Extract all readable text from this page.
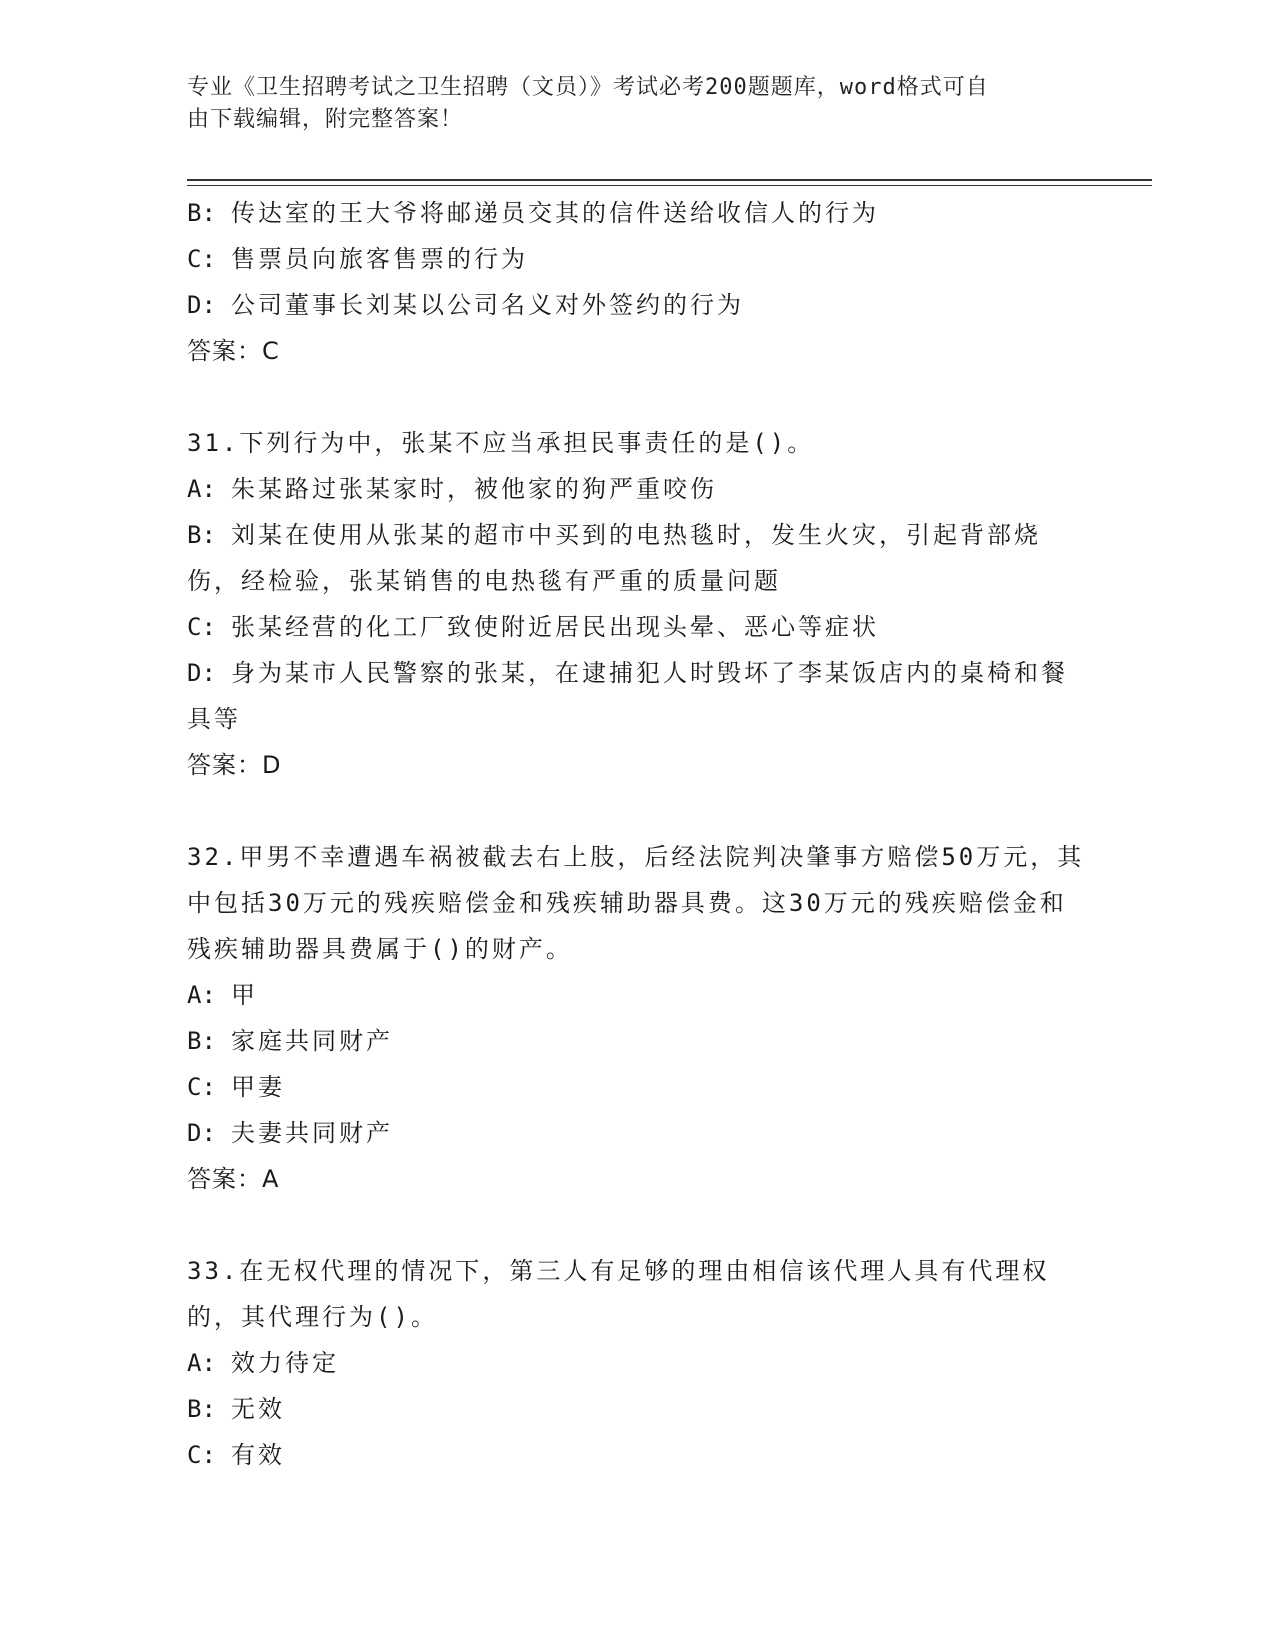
专业《卫生招聘考试之卫生招聘（文员）》考试必考200题题库，word格式可自
由下载编辑，附完整答案！
B: 传达室的王大爷将邮递员交其的信件送给收信人的行为
C: 售票员向旅客售票的行为
D: 公司董事长刘某以公司名义对外签约的行为
答案：C
31.下列行为中，张某不应当承担民事责任的是()。
A: 朱某路过张某家时，被他家的狗严重咬伤
B: 刘某在使用从张某的超市中买到的电热毯时，发生火灾，引起背部烧伤，经检验，张某销售的电热毯有严重的质量问题
C: 张某经营的化工厂致使附近居民出现头晕、恶心等症状
D: 身为某市人民警察的张某，在逮捕犯人时毁坏了李某饭店内的桌椅和餐具等
答案：D
32.甲男不幸遭遇车祸被截去右上肢，后经法院判决肇事方赔偿50万元，其中包括30万元的残疾赔偿金和残疾辅助器具费。这30万元的残疾赔偿金和残疾辅助器具费属于()的财产。
A: 甲
B: 家庭共同财产
C: 甲妻
D: 夫妻共同财产
答案：A
33.在无权代理的情况下，第三人有足够的理由相信该代理人具有代理权的，其代理行为()。
A: 效力待定
B: 无效
C: 有效
